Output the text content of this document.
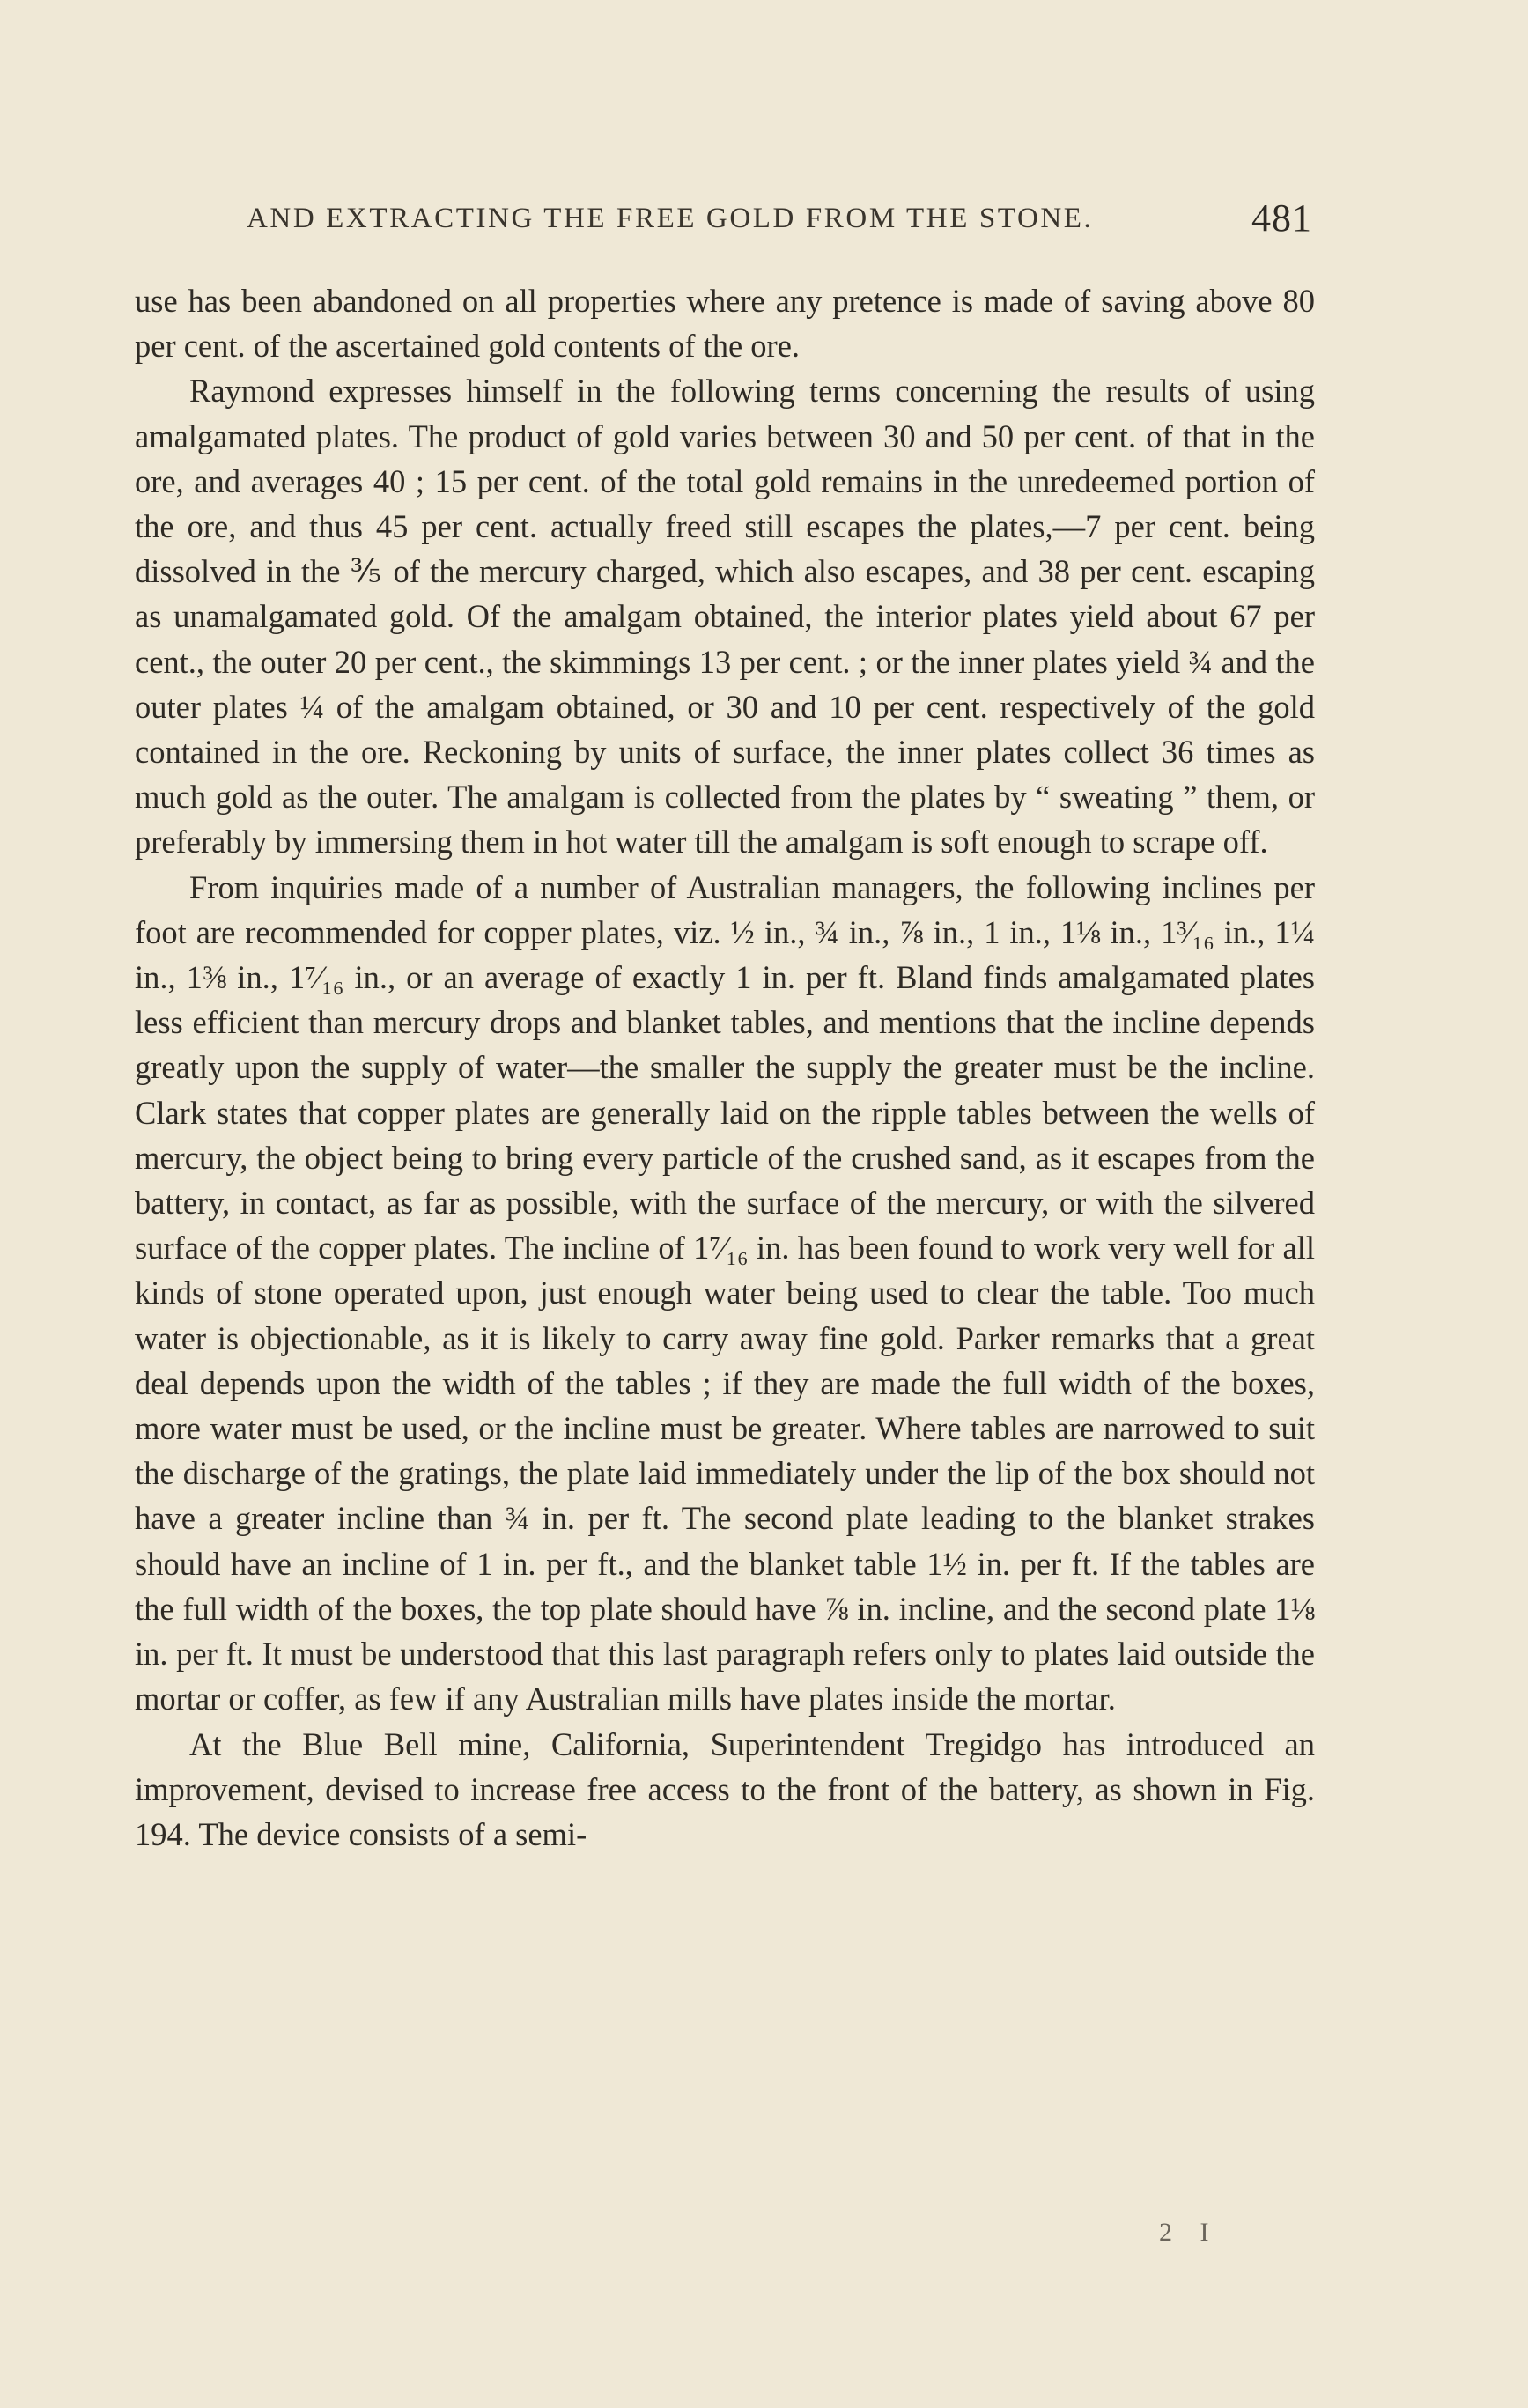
AND EXTRACTING THE FREE GOLD FROM THE STONE.	481

use has been abandoned on all properties where any pretence is made of saving above 80 per cent. of the ascertained gold contents of the ore.

Raymond expresses himself in the following terms concerning the results of using amalgamated plates. The product of gold varies between 30 and 50 per cent. of that in the ore, and averages 40 ; 15 per cent. of the total gold remains in the unredeemed portion of the ore, and thus 45 per cent. actually freed still escapes the plates,—7 per cent. being dissolved in the ⅗ of the mercury charged, which also escapes, and 38 per cent. escaping as unamalgamated gold. Of the amalgam obtained, the interior plates yield about 67 per cent., the outer 20 per cent., the skimmings 13 per cent. ; or the inner plates yield ¾ and the outer plates ¼ of the amalgam obtained, or 30 and 10 per cent. respectively of the gold contained in the ore. Reckoning by units of surface, the inner plates collect 36 times as much gold as the outer. The amalgam is collected from the plates by “ sweating ” them, or preferably by immersing them in hot water till the amalgam is soft enough to scrape off.

From inquiries made of a number of Australian managers, the following inclines per foot are recommended for copper plates, viz. ½ in., ¾ in., ⅞ in., 1 in., 1⅛ in., 1³⁄₁₆ in., 1¼ in., 1⅜ in., 1⁷⁄₁₆ in., or an average of exactly 1 in. per ft. Bland finds amalgamated plates less efficient than mercury drops and blanket tables, and mentions that the incline depends greatly upon the supply of water—the smaller the supply the greater must be the incline. Clark states that copper plates are generally laid on the ripple tables between the wells of mercury, the object being to bring every particle of the crushed sand, as it escapes from the battery, in contact, as far as possible, with the surface of the mercury, or with the silvered surface of the copper plates. The incline of 1⁷⁄₁₆ in. has been found to work very well for all kinds of stone operated upon, just enough water being used to clear the table. Too much water is objectionable, as it is likely to carry away fine gold. Parker remarks that a great deal depends upon the width of the tables ; if they are made the full width of the boxes, more water must be used, or the incline must be greater. Where tables are narrowed to suit the discharge of the gratings, the plate laid immediately under the lip of the box should not have a greater incline than ¾ in. per ft. The second plate leading to the blanket strakes should have an incline of 1 in. per ft., and the blanket table 1½ in. per ft. If the tables are the full width of the boxes, the top plate should have ⅞ in. incline, and the second plate 1⅛ in. per ft. It must be understood that this last paragraph refers only to plates laid outside the mortar or coffer, as few if any Australian mills have plates inside the mortar.

At the Blue Bell mine, California, Superintendent Tregidgo has introduced an improvement, devised to increase free access to the front of the battery, as shown in Fig. 194. The device consists of a semi-

2 I
